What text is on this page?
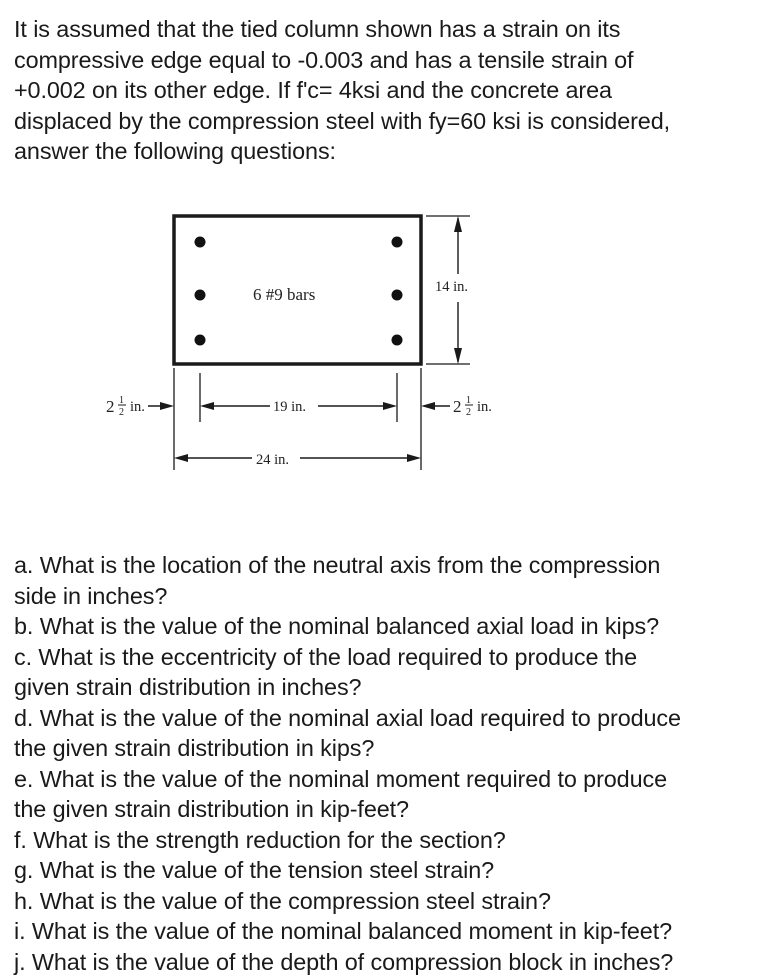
It is assumed that the tied column shown has a strain on its
compressive edge equal to -0.003 and has a tensile strain of
+0.002 on its other edge. If f'c= 4ksi and the concrete area
displaced by the compression steel with fy=60 ksi is considered,
answer the following questions:
6 #9 bars	14 in.
2 1
2 in.	19 in.	2 1
2 in.
24 in.
a. What is the location of the neutral axis from the compression
side in inches?
b. What is the value of the nominal balanced axial load in kips?
c. What is the eccentricity of the load required to produce the
given strain distribution in inches?
d. What is the value of the nominal axial load required to produce
the given strain distribution in kips?
e. What is the value of the nominal moment required to produce
the given strain distribution in kip-feet?
f. What is the strength reduction for the section?
g. What is the value of the tension steel strain?
h. What is the value of the compression steel strain?
i. What is the value of the nominal balanced moment in kip-feet?
j. What is the value of the depth of compression block in inches?
